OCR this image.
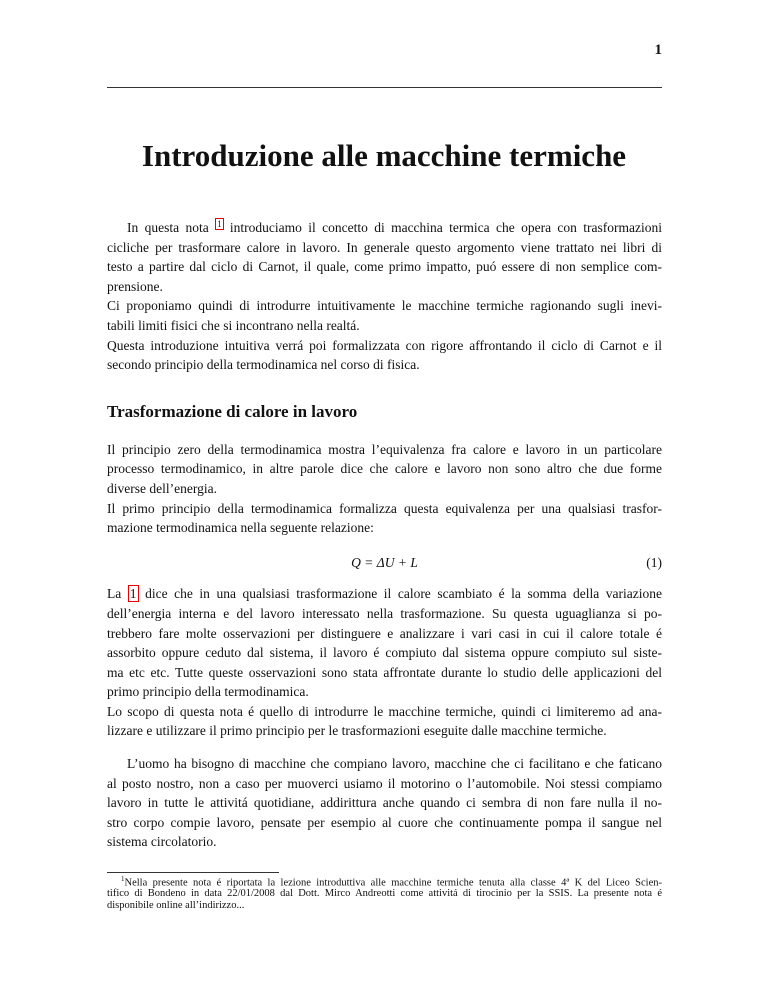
1
Introduzione alle macchine termiche
In questa nota $^1$ introduciamo il concetto di macchina termica che opera con trasformazioni
cicliche per trasformare calore in lavoro. In generale questo argomento viene trattato nei libri di
testo a partire dal ciclo di Carnot, il quale, come primo impatto, puó essere di non semplice com-
prensione.
Ci proponiamo quindi di introdurre intuitivamente le macchine termiche ragionando sugli inevi-
tabili limiti fisici che si incontrano nella realtá.
Questa introduzione intuitiva verrá poi formalizzata con rigore affrontando il ciclo di Carnot e il
secondo principio della termodinamica nel corso di fisica.
Trasformazione di calore in lavoro
Il principio zero della termodinamica mostra l’equivalenza fra calore e lavoro in un particolare
processo termodinamico, in altre parole dice che calore e lavoro non sono altro che due forme
diverse dell’energia.
Il primo principio della termodinamica formalizza questa equivalenza per una qualsiasi trasfor-
mazione termodinamica nella seguente relazione:
Q = ΔU + L	(1)
La 1 dice che in una qualsiasi trasformazione il calore scambiato é la somma della variazione
dell’energia interna e del lavoro interessato nella trasformazione. Su questa uguaglianza si po-
trebbero fare molte osservazioni per distinguere e analizzare i vari casi in cui il calore totale é
assorbito oppure ceduto dal sistema, il lavoro é compiuto dal sistema oppure compiuto sul siste-
ma etc etc. Tutte queste osservazioni sono stata affrontate durante lo studio delle applicazioni del
primo principio della termodinamica.
Lo scopo di questa nota é quello di introdurre le macchine termiche, quindi ci limiteremo ad ana-
lizzare e utilizzare il primo principio per le trasformazioni eseguite dalle macchine termiche.
L’uomo ha bisogno di macchine che compiano lavoro, macchine che ci facilitano e che faticano
al posto nostro, non a caso per muoverci usiamo il motorino o l’automobile. Noi stessi compiamo
lavoro in tutte le attivitá quotidiane, addirittura anche quando ci sembra di non fare nulla il no-
stro corpo compie lavoro, pensate per esempio al cuore che continuamente pompa il sangue nel
sistema circolatorio.
$^1$Nella presente nota é riportata la lezione introduttiva alle macchine termiche tenuta alla classe 4ª K del Liceo Scien-
tifico di Bondeno in data 22/01/2008 dal Dott. Mirco Andreotti come attivitá di tirocinio per la SSIS. La presente nota é
disponibile online all’indirizzo...
